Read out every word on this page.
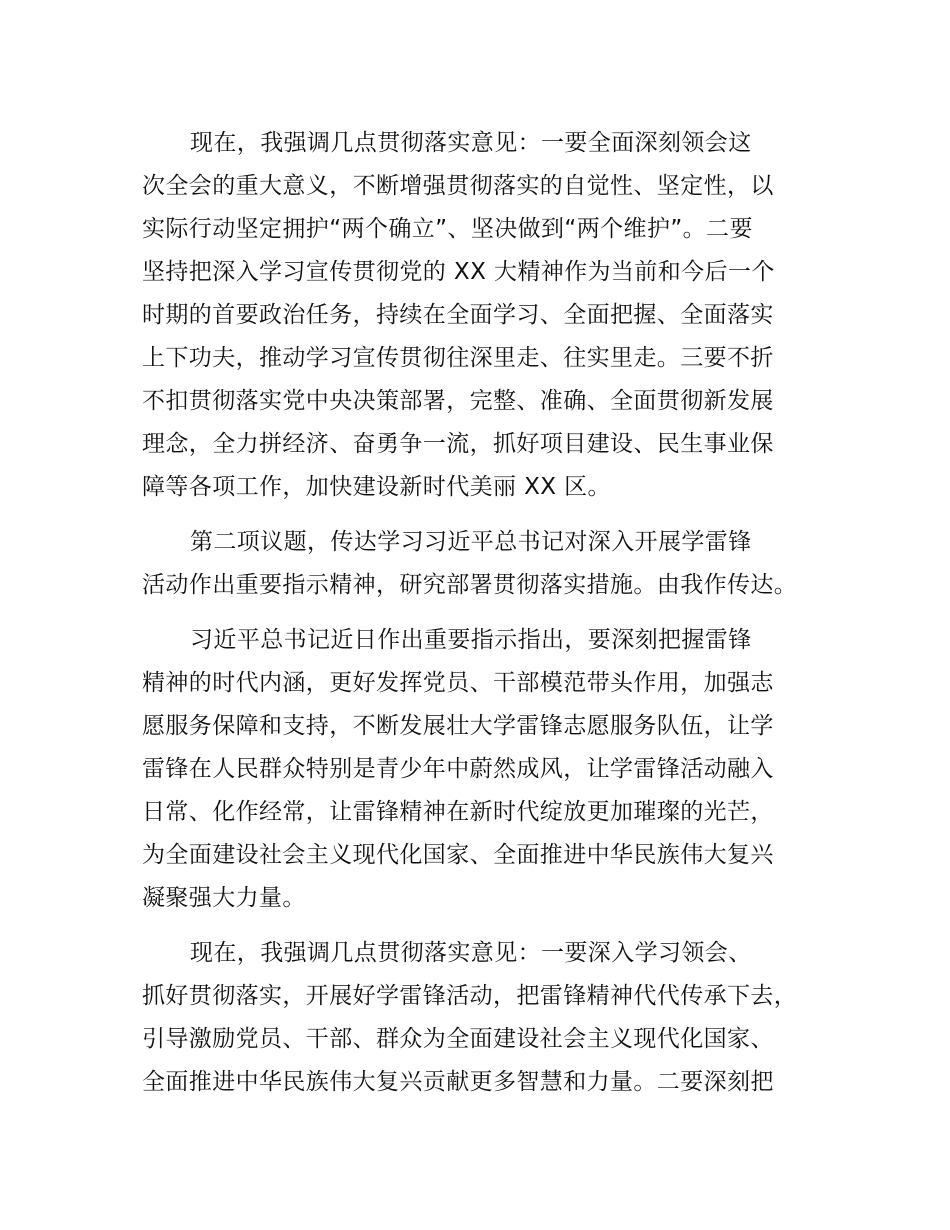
现在，我强调几点贯彻落实意见：一要全面深刻领会这
次全会的重大意义，不断增强贯彻落实的自觉性、坚定性，以
实际行动坚定拥护“两个确立”、坚决做到“两个维护”。二要
坚持把深入学习宣传贯彻党的 XX 大精神作为当前和今后一个
时期的首要政治任务，持续在全面学习、全面把握、全面落实
上下功夫，推动学习宣传贯彻往深里走、往实里走。三要不折
不扣贯彻落实党中央决策部署，完整、准确、全面贯彻新发展
理念，全力拼经济、奋勇争一流，抓好项目建设、民生事业保
障等各项工作，加快建设新时代美丽 XX 区。
第二项议题，传达学习习近平总书记对深入开展学雷锋
活动作出重要指示精神，研究部署贯彻落实措施。由我作传达。
习近平总书记近日作出重要指示指出，要深刻把握雷锋
精神的时代内涵，更好发挥党员、干部模范带头作用，加强志
愿服务保障和支持，不断发展壮大学雷锋志愿服务队伍，让学
雷锋在人民群众特别是青少年中蔚然成风，让学雷锋活动融入
日常、化作经常，让雷锋精神在新时代绽放更加璀璨的光芒，
为全面建设社会主义现代化国家、全面推进中华民族伟大复兴
凝聚强大力量。
现在，我强调几点贯彻落实意见：一要深入学习领会、
抓好贯彻落实，开展好学雷锋活动，把雷锋精神代代传承下去，
引导激励党员、干部、群众为全面建设社会主义现代化国家、
全面推进中华民族伟大复兴贡献更多智慧和力量。二要深刻把
